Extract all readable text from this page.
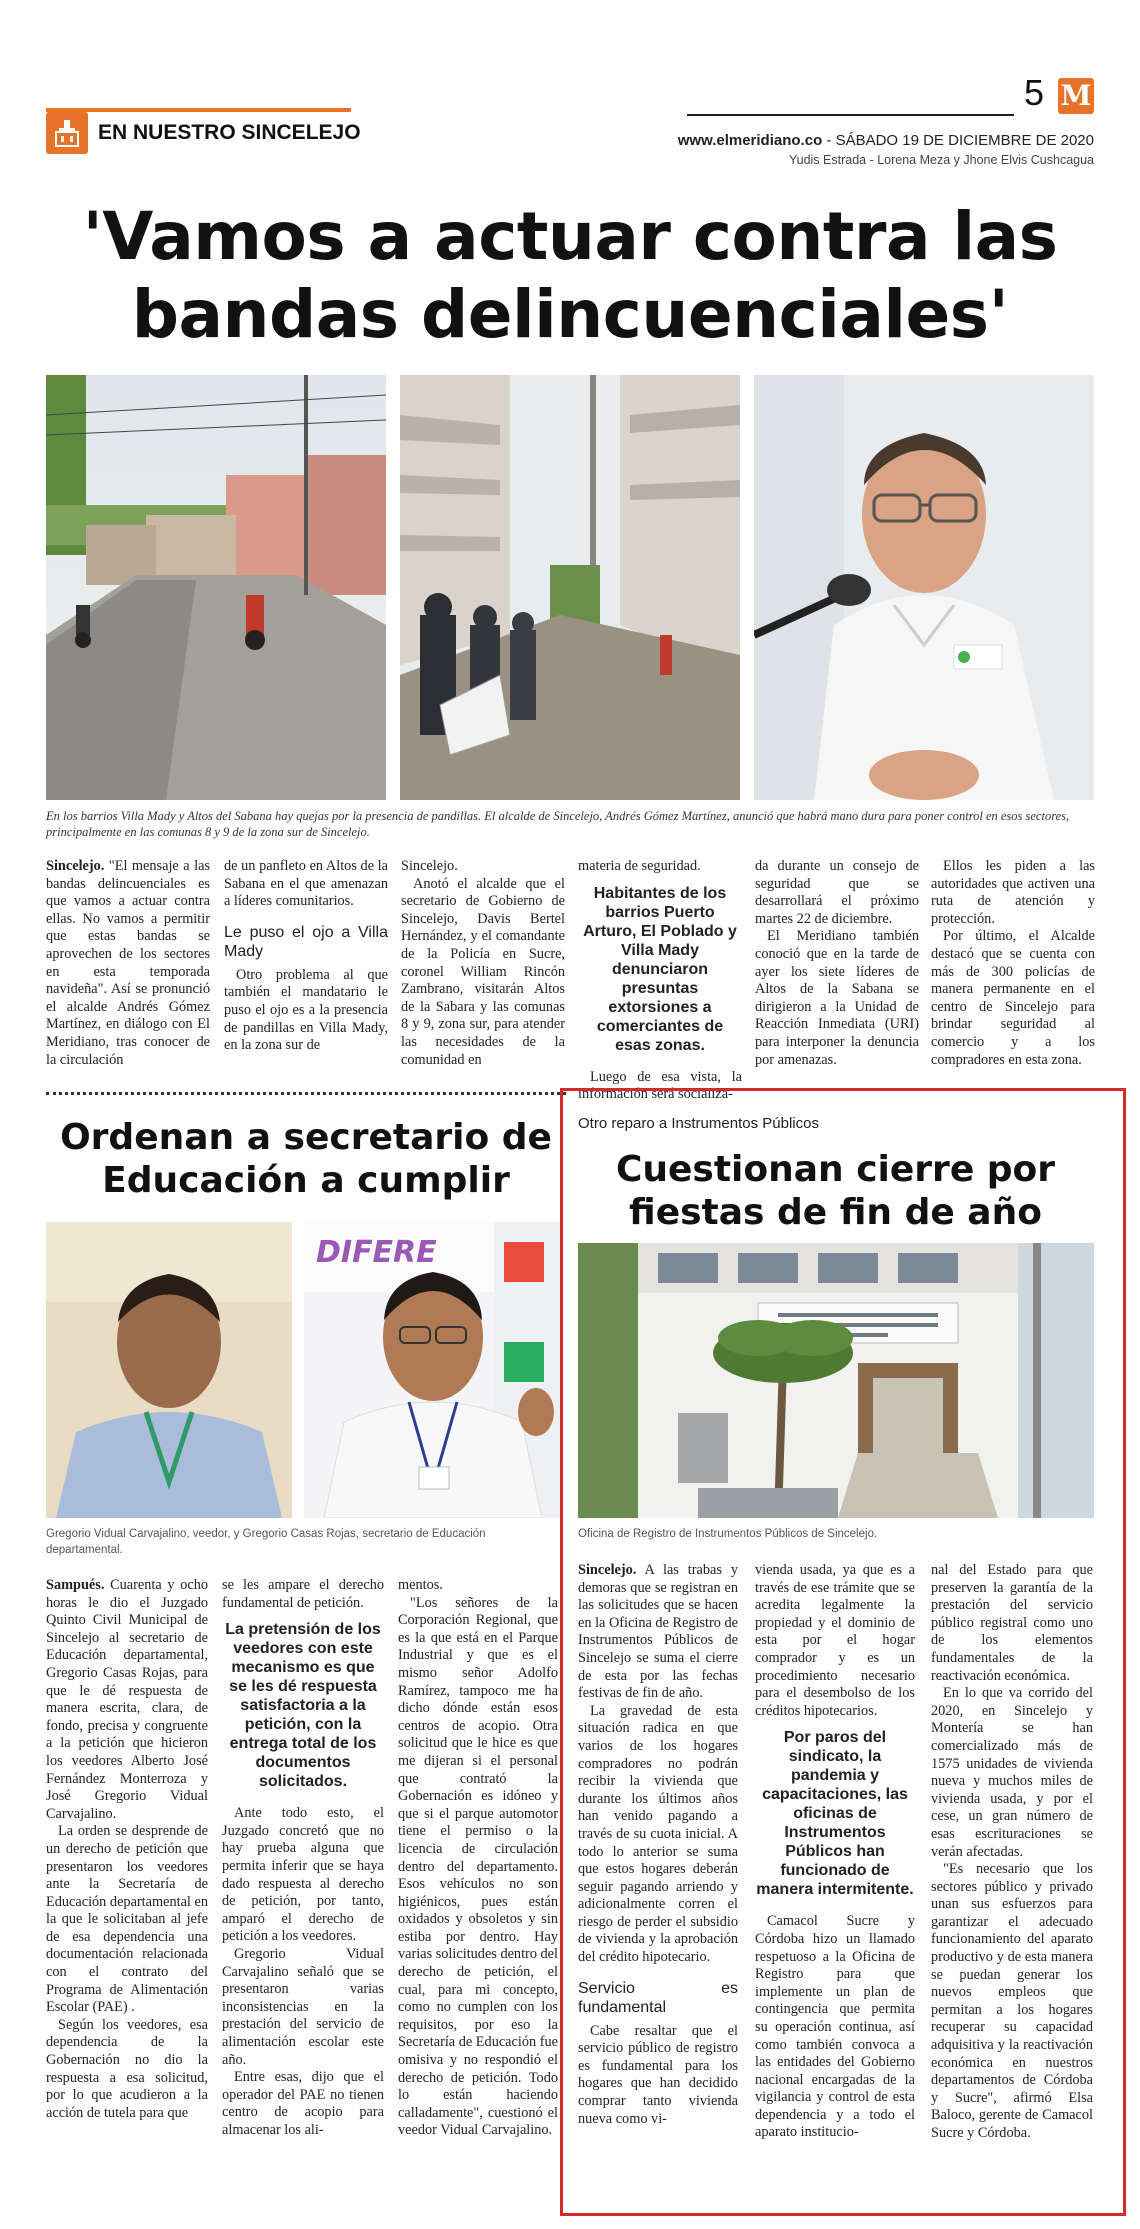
EN NUESTRO SINCELEJO
5 M
www.elmeridiano.co - SÁBADO 19 DE DICIEMBRE DE 2020
Yudis Estrada - Lorena Meza y Jhone Elvis Cushcagua
'Vamos a actuar contra las bandas delincuenciales'
En los barrios Villa Mady y Altos del Sabana hay quejas por la presencia de pandillas. El alcalde de Sincelejo, Andrés Gómez Martínez, anunció que habrá mano dura para poner control en esos sectores, principalmente en las comunas 8 y 9 de la zona sur de Sincelejo.

Sincelejo. "El mensaje a las bandas delincuenciales es que vamos a actuar contra ellas. No vamos a permitir que estas bandas se aprovechen de los sectores en esta temporada navideña". Así se pronunció el alcalde Andrés Gómez Martínez, en diálogo con El Meridiano, tras conocer de la circulación

de un panfleto en Altos de la Sabana en el que amenazan a líderes comunitarios.

Le puso el ojo a Villa Mady

Otro problema al que también el mandatario le puso el ojo es a la presencia de pandillas en Villa Mady, en la zona sur de

Sincelejo.

Anotó el alcalde que el secretario de Gobierno de Sincelejo, Davis Bertel Hernández, y el comandante de la Policía en Sucre, coronel William Rincón Zambrano, visitarán Altos de la Sabara y las comunas 8 y 9, zona sur, para atender las necesidades de la comunidad en

materia de seguridad.

Habitantes de los barrios Puerto Arturo, El Poblado y Villa Mady denunciaron presuntas extorsiones a comerciantes de esas zonas.

Luego de esa vista, la información será socializa-

da durante un consejo de seguridad que se desarrollará el próximo martes 22 de diciembre.

El Meridiano también conoció que en la tarde de ayer los siete líderes de Altos de la Sabana se dirigieron a la Unidad de Reacción Inmediata (URI) para interponer la denuncia por amenazas.

Ellos les piden a las autoridades que activen una ruta de atención y protección.

Por último, el Alcalde destacó que se cuenta con más de 300 policías de manera permanente en el centro de Sincelejo para brindar seguridad al comercio y a los compradores en esta zona.

Ordenan a secretario de Educación a cumplir
DIFERE
Gregorio Vidual Carvajalino, veedor, y Gregorio Casas Rojas, secretario de Educación departamental.

Sampués. Cuarenta y ocho horas le dio el Juzgado Quinto Civil Municipal de Sincelejo al secretario de Educación departamental, Gregorio Casas Rojas, para que le dé respuesta de manera escrita, clara, de fondo, precisa y congruente a la petición que hicieron los veedores Alberto José Fernández Monterroza y José Gregorio Vidual Carvajalino.

La orden se desprende de un derecho de petición que presentaron los veedores ante la Secretaría de Educación departamental en la que le solicitaban al jefe de esa dependencia una documentación relacionada con el contrato del Programa de Alimentación Escolar (PAE) .

Según los veedores, esa dependencia de la Gobernación no dio la respuesta a esa solicitud, por lo que acudieron a la acción de tutela para que

se les ampare el derecho fundamental de petición.

La pretensión de los veedores con este mecanismo es que se les dé respuesta satisfactoria a la petición, con la entrega total de los documentos solicitados.

Ante todo esto, el Juzgado concretó que no hay prueba alguna que permita inferir que se haya dado respuesta al derecho de petición, por tanto, amparó el derecho de petición a los veedores.

Gregorio Vidual Carvajalino señaló que se presentaron varias inconsistencias en la prestación del servicio de alimentación escolar este año.

Entre esas, dijo que el operador del PAE no tienen centro de acopio para almacenar los ali-

mentos.

"Los señores de la Corporación Regional, que es la que está en el Parque Industrial y que es el mismo señor Adolfo Ramírez, tampoco me ha dicho dónde están esos centros de acopio. Otra solicitud que le hice es que me dijeran si el personal que contrató la Gobernación es idóneo y que si el parque automotor tiene el permiso o la licencia de circulación dentro del departamento. Esos vehículos no son higiénicos, pues están oxidados y obsoletos y sin estiba por dentro. Hay varias solicitudes dentro del derecho de petición, el cual, para mi concepto, como no cumplen con los requisitos, por eso la Secretaría de Educación fue omisiva y no respondió el derecho de petición. Todo lo están haciendo calladamente", cuestionó el veedor Vidual Carvajalino.

Otro reparo a Instrumentos Públicos
Cuestionan cierre por fiestas de fin de año
Oficina de Registro de Instrumentos Públicos de Sincelejo.

Sincelejo. A las trabas y demoras que se registran en las solicitudes que se hacen en la Oficina de Registro de Instrumentos Públicos de Sincelejo se suma el cierre de esta por las fechas festivas de fin de año.

La gravedad de esta situación radica en que varios de los hogares compradores no podrán recibir la vivienda que durante los últimos años han venido pagando a través de su cuota inicial. A todo lo anterior se suma que estos hogares deberán seguir pagando arriendo y adicionalmente corren el riesgo de perder el subsidio de vivienda y la aprobación del crédito hipotecario.

Servicio es fundamental

Cabe resaltar que el servicio público de registro es fundamental para los hogares que han decidido comprar tanto vivienda nueva como vi-

vienda usada, ya que es a través de ese trámite que se acredita legalmente la propiedad y el dominio de esta por el hogar comprador y es un procedimiento necesario para el desembolso de los créditos hipotecarios.

Por paros del sindicato, la pandemia y capacitaciones, las oficinas de Instrumentos Públicos han funcionado de manera intermitente.

Camacol Sucre y Córdoba hizo un llamado respetuoso a la Oficina de Registro para que implemente un plan de contingencia que permita su operación continua, así como también convoca a las entidades del Gobierno nacional encargadas de la vigilancia y control de esta dependencia y a todo el aparato institucio-

nal del Estado para que preserven la garantía de la prestación del servicio público registral como uno de los elementos fundamentales de la reactivación económica.

En lo que va corrido del 2020, en Sincelejo y Montería se han comercializado más de 1575 unidades de vivienda nueva y muchos miles de vivienda usada, y por el cese, un gran número de esas escrituraciones se verán afectadas.

"Es necesario que los sectores público y privado unan sus esfuerzos para garantizar el adecuado funcionamiento del aparato productivo y de esta manera se puedan generar los nuevos empleos que permitan a los hogares recuperar su capacidad adquisitiva y la reactivación económica en nuestros departamentos de Córdoba y Sucre", afirmó Elsa Baloco, gerente de Camacol Sucre y Córdoba.
